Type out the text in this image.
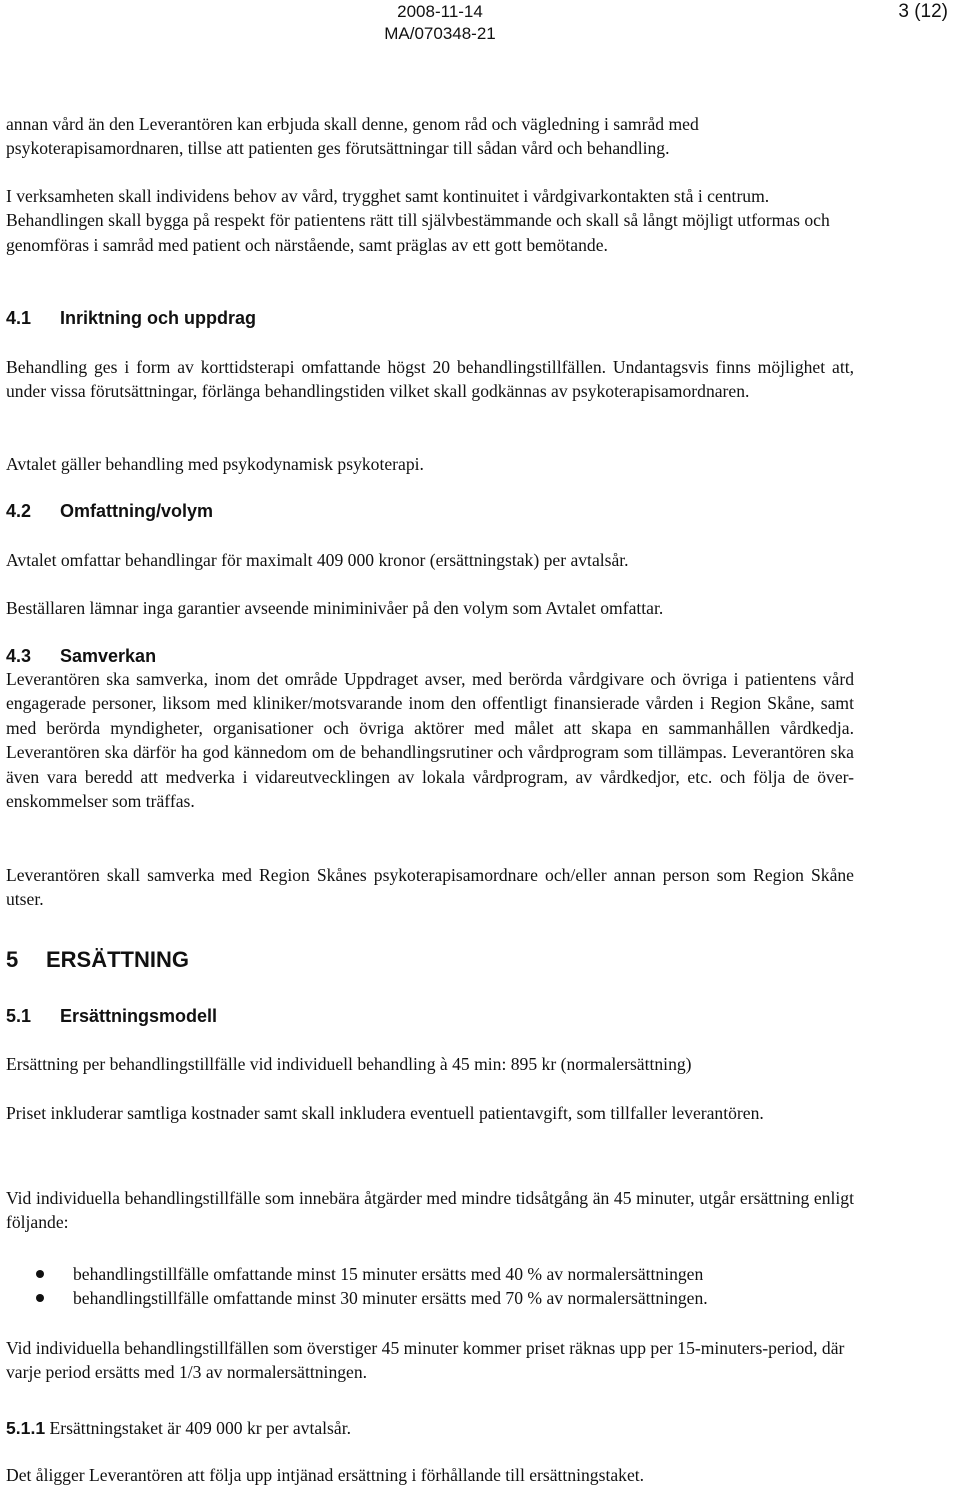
2008-11-14
MA/070348-21
3 (12)

annan vård än den Leverantören kan erbjuda skall denne, genom råd och vägledning i samråd med psykoterapisamordnaren, tillse att patienten ges förutsättningar till sådan vård och behandling.

I verksamheten skall individens behov av vård, trygghet samt kontinuitet i vårdgivarkontakten stå i centrum. Behandlingen skall bygga på respekt för patientens rätt till självbestämmande och skall så långt möjligt utformas och genomföras i samråd med patient och närstående, samt präglas av ett gott bemötande.

4.1 Inriktning och uppdrag

Behandling ges i form av korttidsterapi omfattande högst 20 behandlingstillfällen. Undantagsvis finns möjlighet att, under vissa förutsättningar, förlänga behandlingstiden vilket skall godkännas av psykoterapisamordnaren.

Avtalet gäller behandling med psykodynamisk psykoterapi.

4.2 Omfattning/volym

Avtalet omfattar behandlingar för maximalt 409 000 kronor (ersättningstak) per avtalsår.

Beställaren lämnar inga garantier avseende miniminivåer på den volym som Avtalet omfattar.

4.3 Samverkan

Leverantören ska samverka, inom det område Uppdraget avser, med berörda vårdgivare och övriga i patientens vård engagerade personer, liksom med kliniker/motsvarande inom den offentligt finansierade vården i Region Skåne, samt med berörda myndigheter, organisationer och övriga aktörer med målet att skapa en sammanhållen vårdkedja. Leverantören ska därför ha god kännedom om de behandlingsrutiner och vårdprogram som tillämpas. Leverantören ska även vara beredd att medverka i vidareutvecklingen av lokala vårdprogram, av vårdkedjor, etc. och följa de över-enskommelser som träffas.

Leverantören skall samverka med Region Skånes psykoterapisamordnare och/eller annan person som Region Skåne utser.

5 ERSÄTTNING
5.1 Ersättningsmodell

Ersättning per behandlingstillfälle vid individuell behandling à 45 min: 895 kr (normalersättning)

Priset inkluderar samtliga kostnader samt skall inkludera eventuell patientavgift, som tillfaller leverantören.

Vid individuella behandlingstillfälle som innebära åtgärder med mindre tidsåtgång än 45 minuter, utgår ersättning enligt följande:

behandlingstillfälle omfattande minst 15 minuter ersätts med 40 % av normalersättningen
behandlingstillfälle omfattande minst 30 minuter ersätts med 70 % av normalersättningen.

Vid individuella behandlingstillfällen som överstiger 45 minuter kommer priset räknas upp per 15-minuters-period, där varje period ersätts med 1/3 av normalersättningen.

5.1.1 Ersättningstaket är 409 000 kr per avtalsår.

Det åligger Leverantören att följa upp intjänad ersättning i förhållande till ersättningstaket.
